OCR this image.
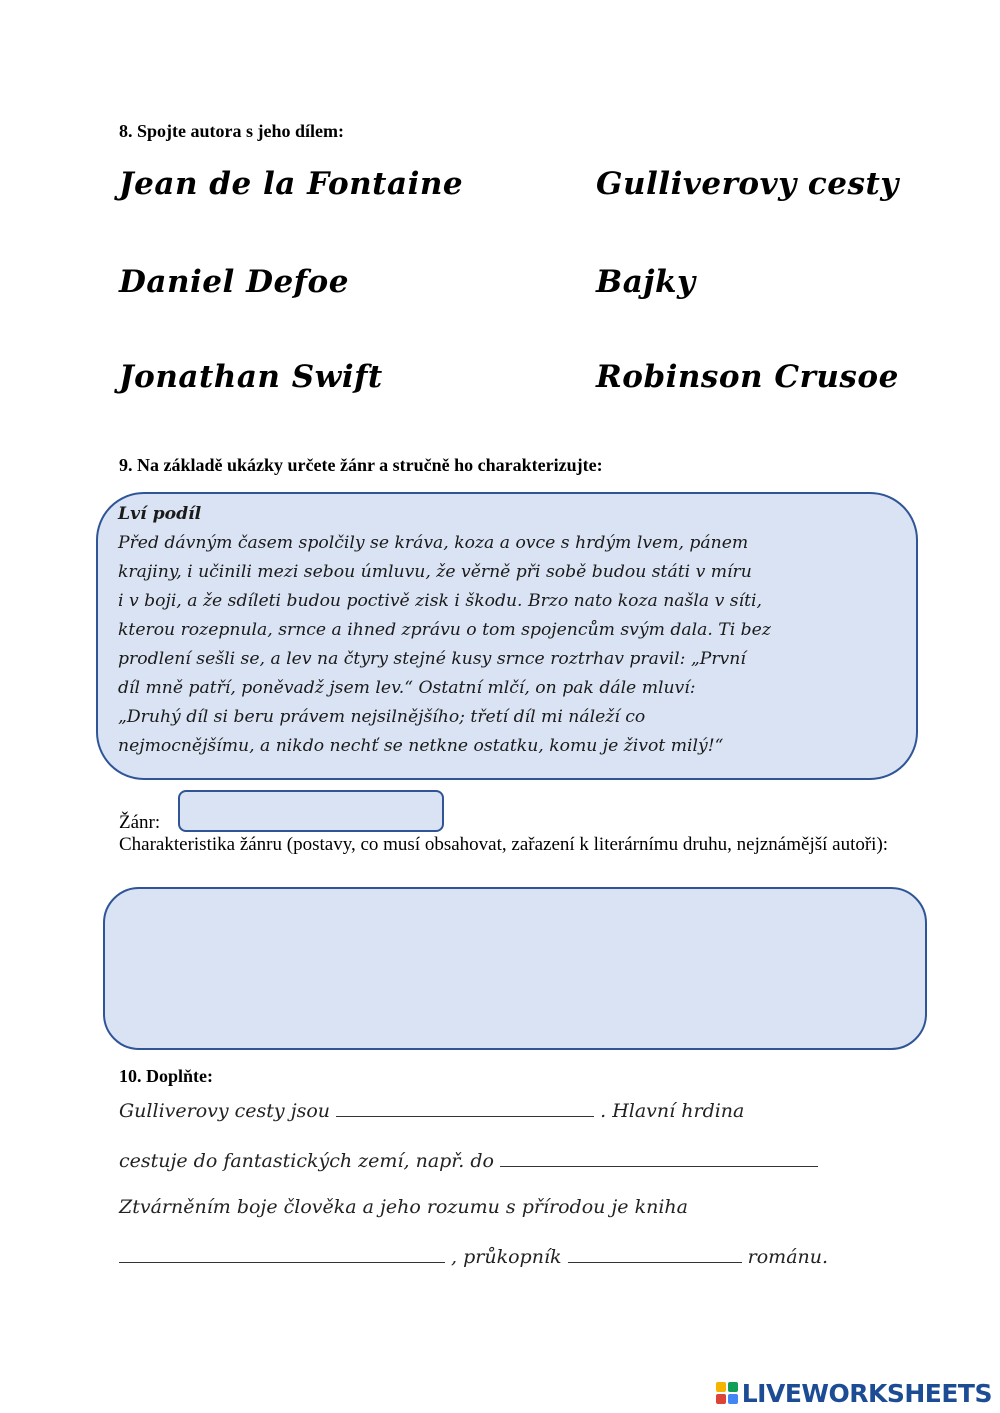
8. Spojte autora s jeho dílem:
Jean de la Fontaine
Daniel Defoe
Jonathan Swift
Gulliverovy cesty
Bajky
Robinson Crusoe
9. Na základě ukázky určete žánr a stručně ho charakterizujte:
Lví podíl
Před dávným časem spolčily se kráva, koza a ovce s hrdým lvem, pánem
krajiny, i učinili mezi sebou úmluvu, že věrně při sobě budou státi v míru
i v boji, a že sdíleti budou poctivě zisk i škodu. Brzo nato koza našla v síti,
kterou rozepnula, srnce a ihned zprávu o tom spojencům svým dala. Ti bez
prodlení sešli se, a lev na čtyry stejné kusy srnce roztrhav pravil: „První
díl mně patří, poněvadž jsem lev.“ Ostatní mlčí, on pak dále mluví:
„Druhý díl si beru právem nejsilnějšího; třetí díl mi náleží co
nejmocnějšímu, a nikdo nechť se netkne ostatku, komu je život milý!“
Žánr:
Charakteristika žánru (postavy, co musí obsahovat, zařazení k literárnímu druhu, nejznámější autoři):
10. Doplňte:
Gulliverovy cesty jsou	. Hlavní hrdina
cestuje do fantastických zemí, např. do
Ztvárněním boje člověka a jeho rozumu s přírodou je kniha
, průkopník	románu.
LIVEWORKSHEETS
